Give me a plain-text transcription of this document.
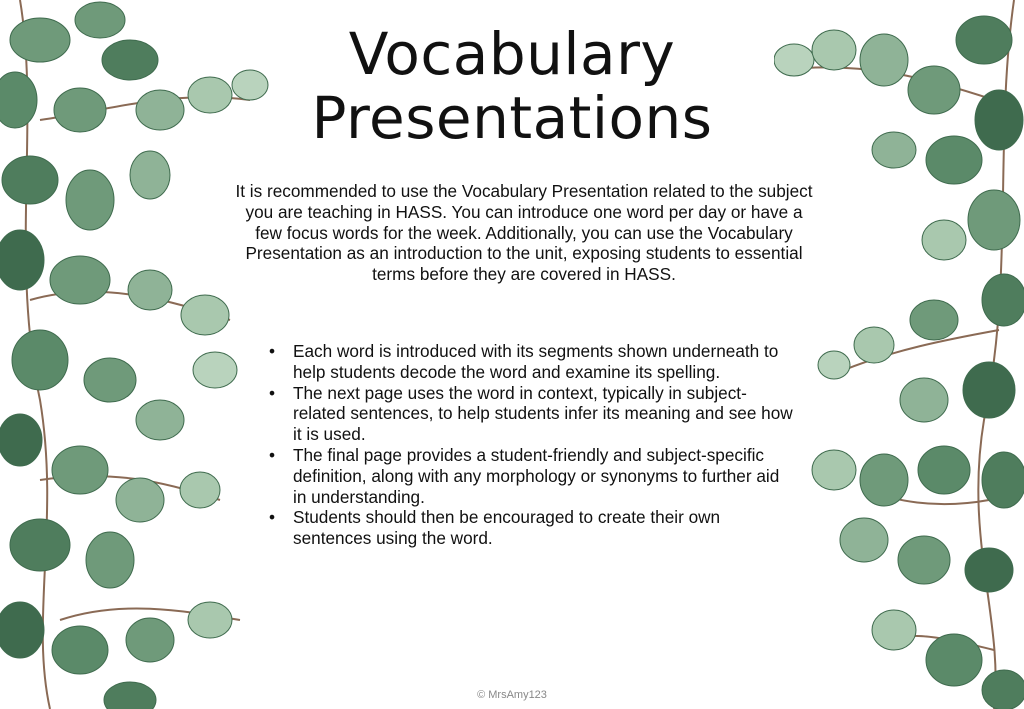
Vocabulary
Presentations

It is recommended to use the Vocabulary Presentation related to the subject you are teaching in HASS. You can introduce one word per day or have a few focus words for the week. Additionally, you can use the Vocabulary Presentation as an introduction to the unit, exposing students to essential terms before they are covered in HASS.

• Each word is introduced with its segments shown underneath to help students decode the word and examine its spelling.
• The next page uses the word in context, typically in subject-related sentences, to help students infer its meaning and see how it is used.
• The final page provides a student-friendly and subject-specific definition, along with any morphology or synonyms to further aid in understanding.
• Students should then be encouraged to create their own sentences using the word.

© MrsAmy123
